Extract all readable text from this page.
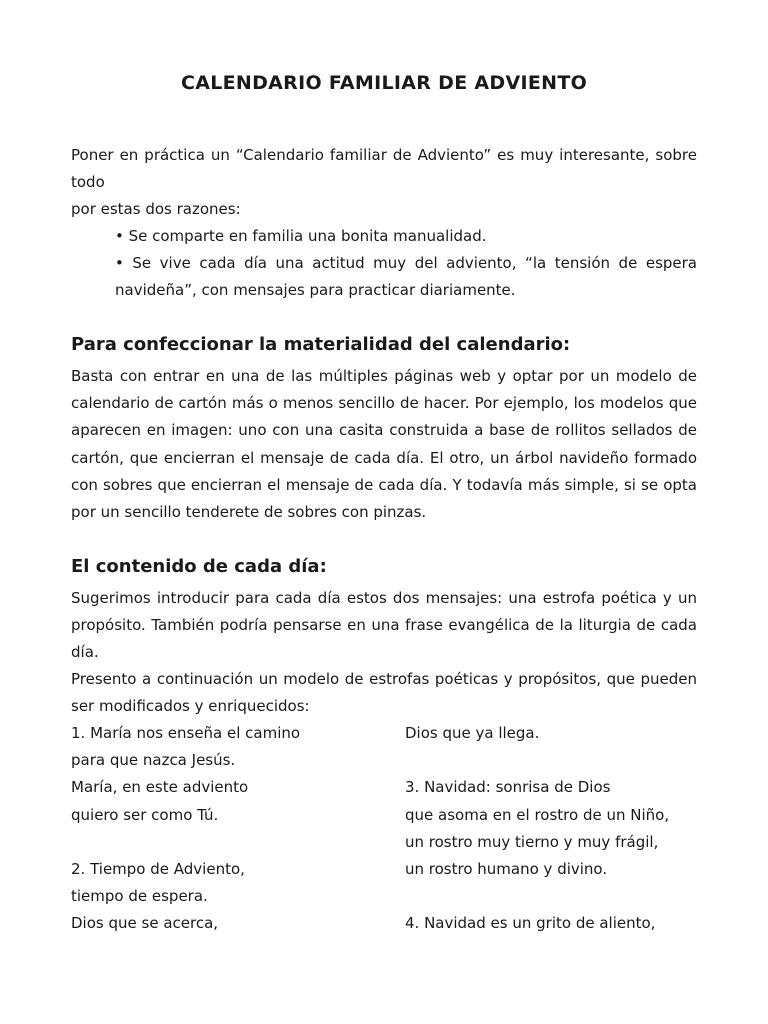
CALENDARIO FAMILIAR DE ADVIENTO
Poner en práctica un “Calendario familiar de Adviento” es muy interesante, sobre
todo
por estas dos razones:
• Se comparte en familia una bonita manualidad.
• Se vive cada día una actitud muy del adviento, “la tensión de espera
navideña”, con mensajes para practicar diariamente.
Para confeccionar la materialidad del calendario:
Basta con entrar en una de las múltiples páginas web y optar por un modelo de
calendario de cartón más o menos sencillo de hacer. Por ejemplo, los modelos que
aparecen en imagen: uno con una casita construida a base de rollitos sellados de
cartón, que encierran el mensaje de cada día. El otro, un árbol navideño formado
con sobres que encierran el mensaje de cada día. Y todavía más simple, si se opta
por un sencillo tenderete de sobres con pinzas.
El contenido de cada día:
Sugerimos introducir para cada día estos dos mensajes: una estrofa poética y un
propósito. También podría pensarse en una frase evangélica de la liturgia de cada
día.
Presento a continuación un modelo de estrofas poéticas y propósitos, que pueden
ser modificados y enriquecidos:
1. María nos enseña el camino
para que nazca Jesús.
María, en este adviento
quiero ser como Tú.

2. Tiempo de Adviento,
tiempo de espera.
Dios que se acerca,
Dios que ya llega.

3. Navidad: sonrisa de Dios
que asoma en el rostro de un Niño,
un rostro muy tierno y muy frágil,
un rostro humano y divino.

4. Navidad es un grito de aliento,
